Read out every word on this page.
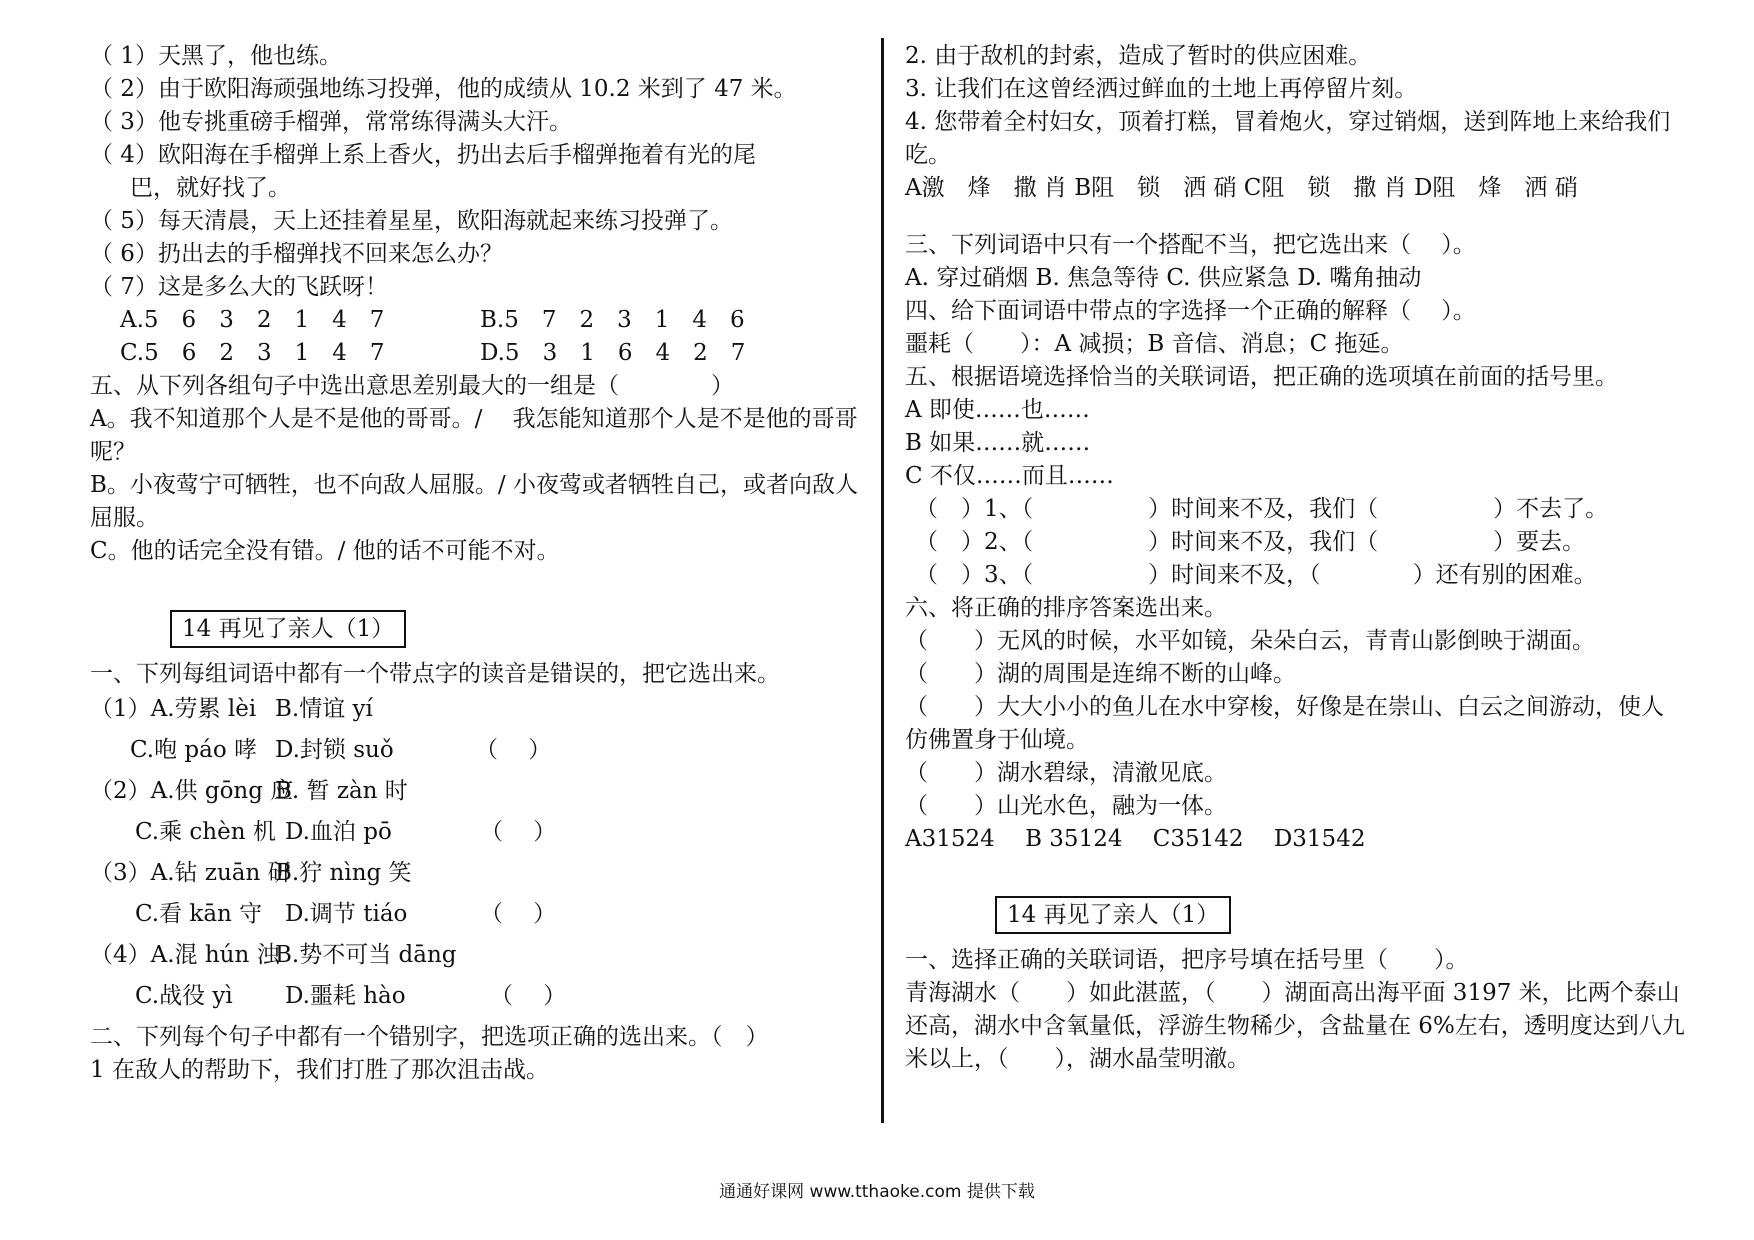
（ 1）天黑了，他也练。
（ 2）由于欧阳海顽强地练习投弹，他的成绩从 10.2 米到了 47 米。
（ 3）他专挑重磅手榴弹，常常练得满头大汗。
（ 4）欧阳海在手榴弹上系上香火，扔出去后手榴弹拖着有光的尾
巴，就好找了。
（ 5）每天清晨，天上还挂着星星，欧阳海就起来练习投弹了。
（ 6）扔出去的手榴弹找不回来怎么办？
（ 7）这是多么大的飞跃呀！
A.5　6　3　2　1　4　7	B.5　7　2　3　1　4　6
C.5　6　2　3　1　4　7	D.5　3　1　6　4　2　7
五、从下列各组句子中选出意思差别最大的一组是（　　　　）
A。我不知道那个人是不是他的哥哥。/　 我怎能知道那个人是不是他的哥哥呢？
B。小夜莺宁可牺牲，也不向敌人屈服。/ 小夜莺或者牺牲自己，或者向敌人屈服。
C。他的话完全没有错。/ 他的话不可能不对。
14 再见了亲人（1）
一、下列每组词语中都有一个带点字的读音是错误的，把它选出来。
（1）A.劳累 lèi B.情谊 yí
C.咆 páo 哮 D.封锁 suǒ	（　 ）
（2）A.供 gōng 应
B. 暂 zàn 时
C.乘 chèn 机 D.血泊 pō	（　 ）
（3）A.钻 zuān 研
B.狞 nìng 笑
C.看 kān 守 D.调节 tiáo	（　 ）
（4）A.混 hún 浊
B.势不可当 dāng
C.战役 yì	D.噩耗 hào	（　 ）
二、下列每个句子中都有一个错别字，把选项正确的选出来。（　）
1 在敌人的帮助下，我们打胜了那次沮击战。
2. 由于敌机的封索，造成了暂时的供应困难。
3. 让我们在这曾经洒过鲜血的土地上再停留片刻。
4. 您带着全村妇女，顶着打糕，冒着炮火，穿过销烟，送到阵地上来给我们吃。
A激　烽　撒 肖 B阻　锁　洒 硝 C阻　锁　撒 肖 D阻　烽　洒 硝
三、下列词语中只有一个搭配不当，把它选出来（　 ）。
A. 穿过硝烟 B. 焦急等待 C. 供应紧急 D. 嘴角抽动
四、给下面词语中带点的字选择一个正确的解释（　 ）。
噩耗（　　）：A 减损；B 音信、消息；C 拖延。
五、根据语境选择恰当的关联词语，把正确的选项填在前面的括号里。
A 即使……也……
B 如果……就……
C 不仅……而且……
（　）1、（　　　　　）时间来不及，我们（　　　　　）不去了。
（　）2、（　　　　　）时间来不及，我们（　　　　　）要去。
（　）3、（　　　　　）时间来不及，（　　　　）还有别的困难。
六、将正确的排序答案选出来。
（　　）无风的时候，水平如镜，朵朵白云，青青山影倒映于湖面。
（　　）湖的周围是连绵不断的山峰。
（　　）大大小小的鱼儿在水中穿梭，好像是在崇山、白云之间游动，使人仿佛置身于仙境。
（　　）湖水碧绿，清澈见底。
（　　）山光水色，融为一体。
A31524　 B 35124　 C35142　 D31542
14 再见了亲人（1）
一、选择正确的关联词语，把序号填在括号里（　　）。
青海湖水（　　）如此湛蓝，（　　）湖面高出海平面 3197 米，比两个泰山还高，湖水中含氧量低，浮游生物稀少，含盐量在 6%左右，透明度达到八九米以上，（　　），湖水晶莹明澈。
通通好课网 www.tthaoke.com 提供下载
